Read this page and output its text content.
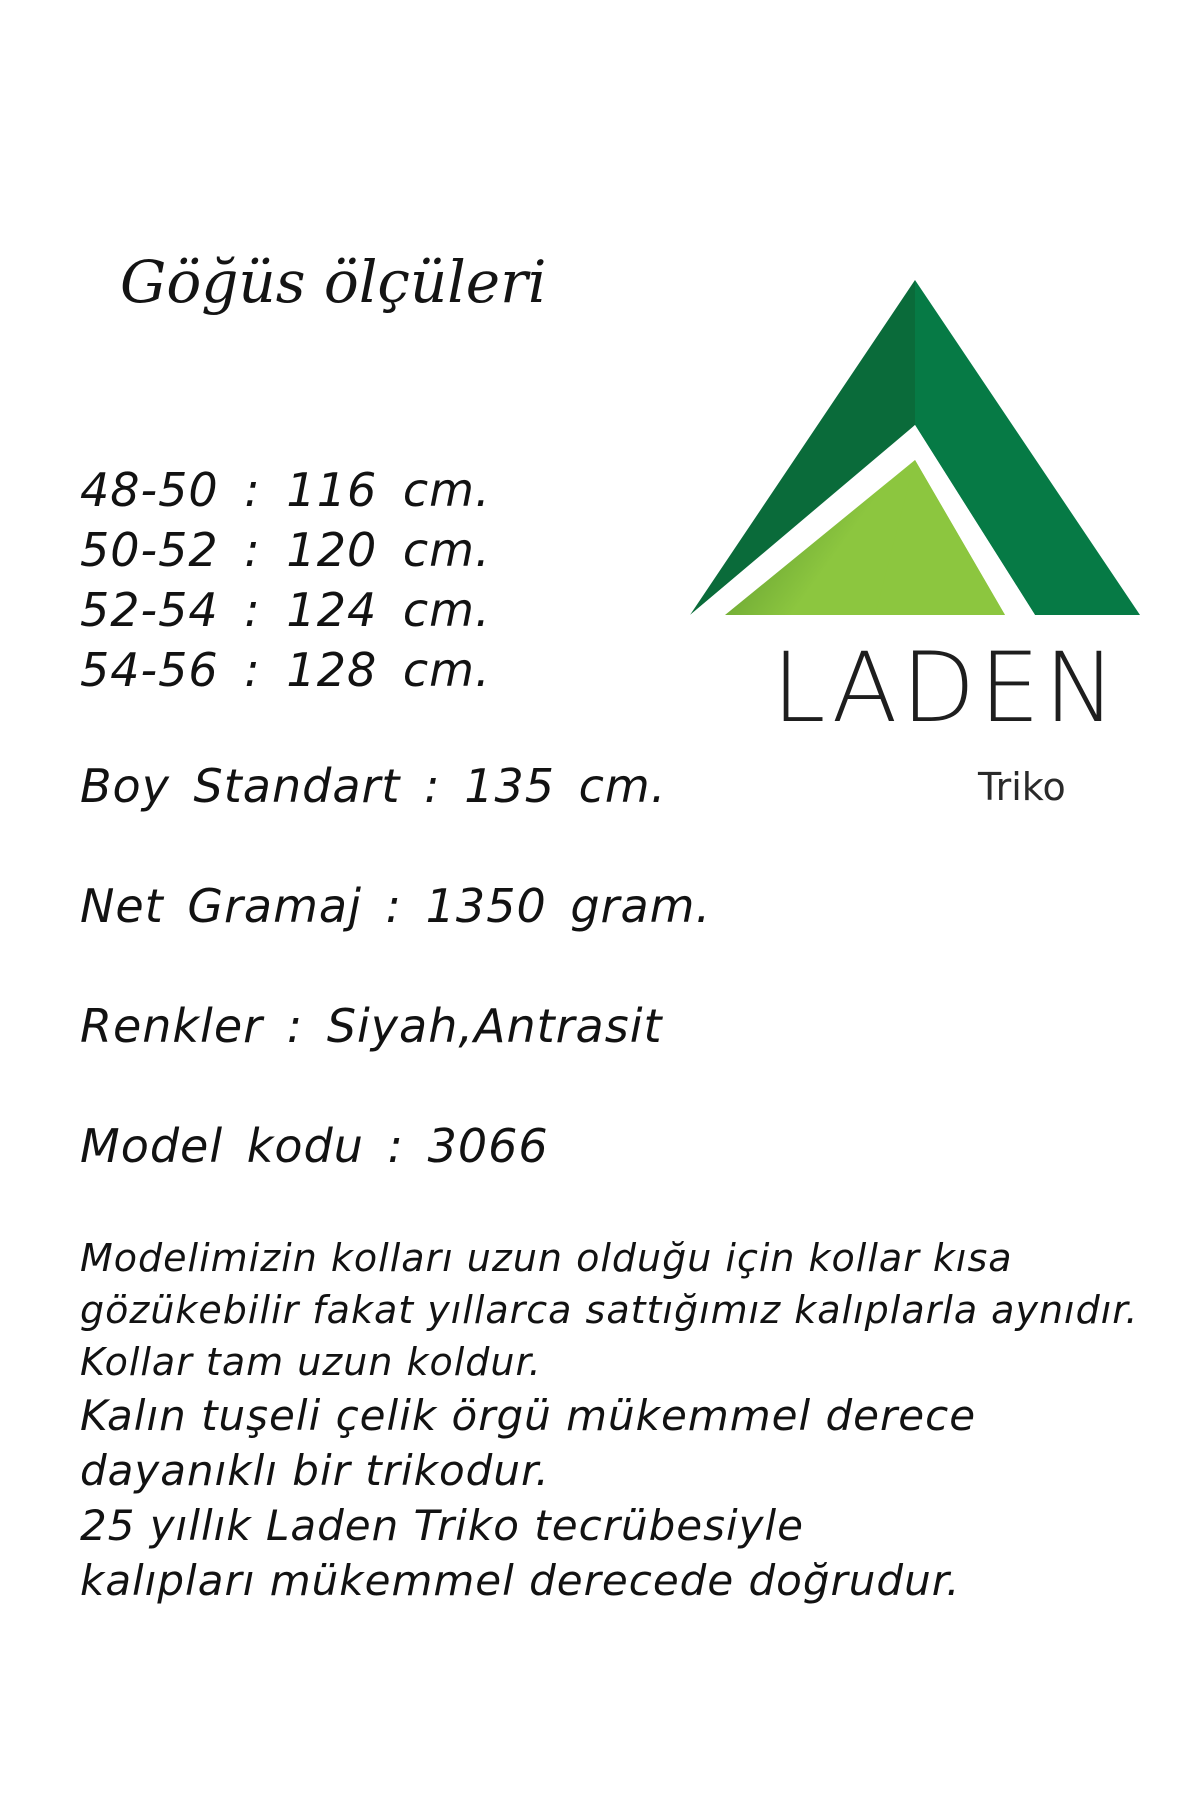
Göğüs ölçüleri
48-50 : 116 cm.
50-52 : 120 cm.
52-54 : 124 cm.
54-56 : 128 cm.
Boy Standart : 135 cm.
Net Gramaj : 1350 gram.
Renkler : Siyah,Antrasit
Model kodu : 3066
Modelimizin kolları uzun olduğu için kollar kısa
gözükebilir fakat yıllarca sattığımız kalıplarla aynıdır.
Kollar tam uzun koldur.
Kalın tuşeli çelik örgü mükemmel derece
dayanıklı bir trikodur.
25 yıllık Laden Triko tecrübesiyle
kalıpları mükemmel derecede doğrudur.
LADEN
Triko
